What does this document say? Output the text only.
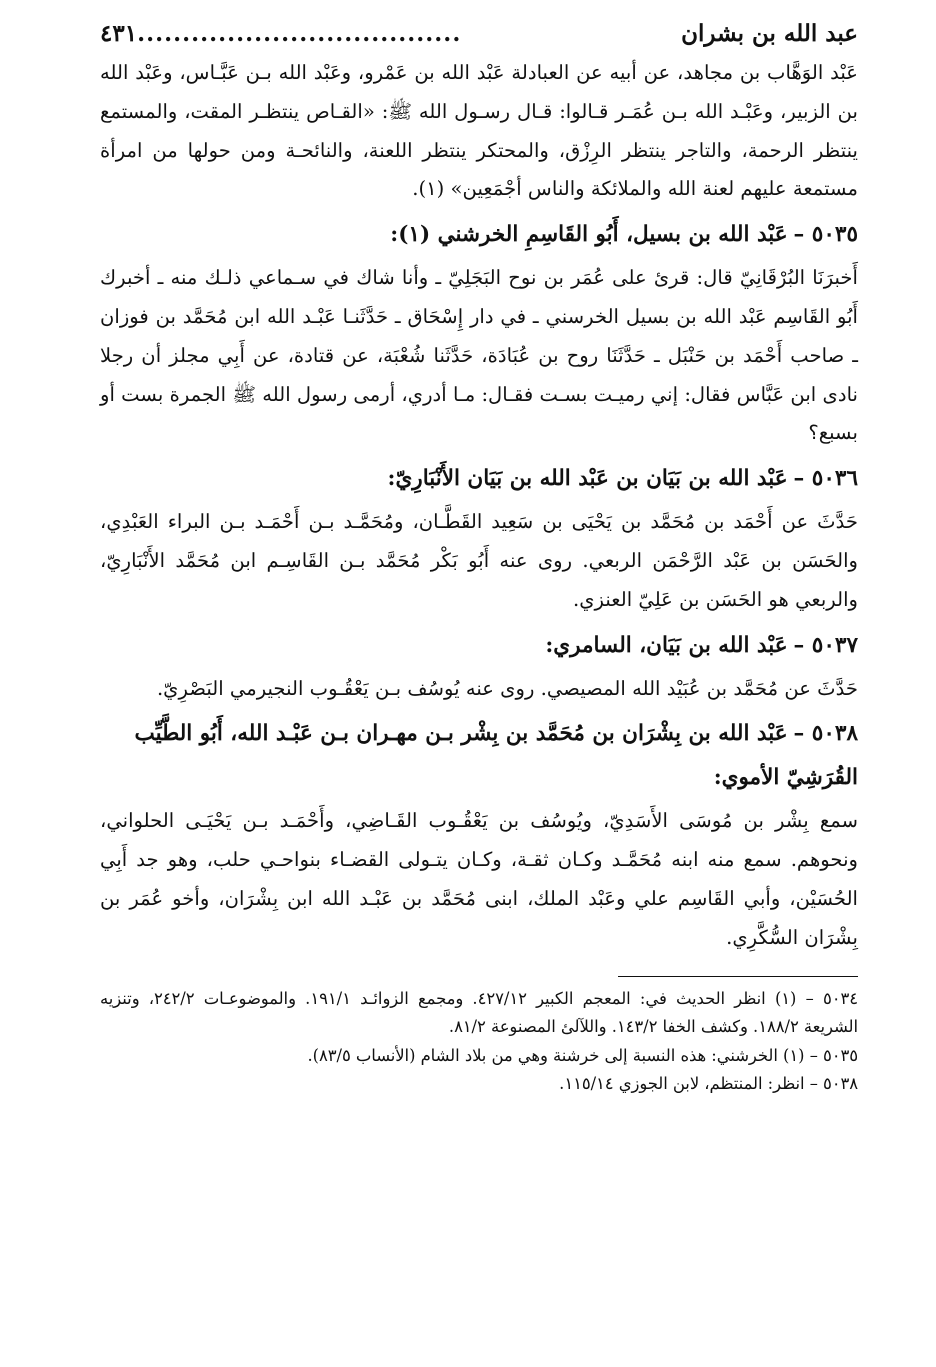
عبد الله بن بشران
....................................
٤٣١

عَبْد الوَهَّاب بن مجاهد، عن أبيه عن العبادلة عَبْد الله بن عَمْرو، وعَبْد الله بـن عَبَّـاس، وعَبْد الله بن الزبير، وعَبْـد الله بـن عُمَـر قـالوا: قـال رسـول الله ﷺ: «القـاص ينتظـر المقت، والمستمع ينتظر الرحمة، والتاجر ينتظر الرِزْق، والمحتكر ينتظر اللعنة، والنائحـة ومن حولها من امرأة مستمعة عليهم لعنة الله والملائكة والناس أجْمَعِين» (١).

٥٠٣٥ –عَبْد الله بن بسيل، أَبُو القَاسِمِ الخرشني (١):

أَخبرَنَا البُرْقَانِيّ قال: قرئ على عُمَر بن نوح البَجَلِيّ ـ وأنا شاك في سـماعي ذلـك منه ـ أخبرك أَبُو القَاسِم عَبْد الله بن بسيل الخرسني ـ في دار إِسْحَاق ـ حَدَّثَنـا عَبْـد الله ابن مُحَمَّد بن فوزان ـ صاحب أَحْمَد بن حَنْبَل ـ حَدَّثَنَا روح بن عُبَادَة، حَدَّثَنا شُعْبَة، عن قتادة، عن أَبِي مجلز أن رجلا نادى ابن عَبَّاس فقال: إني رميـت بسـت فقـال: مـا أدري، أرمى رسول الله ﷺ الجمرة بست أو بسبع؟

٥٠٣٦ –عَبْد الله بن بَيَان بن عَبْد الله بن بَيَان الأَنْبَارِيّ:

حَدَّثَ عن أَحْمَد بن مُحَمَّد بن يَحْيَى بن سَعِيد القَطَّـان، ومُحَمَّـد بـن أَحْمَـد بـن البراء العَبْدِي، والحَسَن بن عَبْد الرَّحْمَن الربعي. روى عنه أَبُو بَكْر مُحَمَّد بـن القَاسِـم ابن مُحَمَّد الأَنْبَارِيّ، والربعي هو الحَسَن بن عَلِيّ العنزي.

٥٠٣٧ –عَبْد الله بن بَيَان، السامري:

حَدَّثَ عن مُحَمَّد بن عُبَيْد الله المصيصي. روى عنه يُوسُف بـن يَعْقُـوب النجيرمي البَصْرِيّ.

٥٠٣٨ –عَبْد الله بن بِشْرَان بن مُحَمَّد بن بِشْر بـن مهـران بـن عَبْـد الله، أَبُو الطَّيِّب القُرَشِيّ الأموي:

سمع بِشْر بن مُوسَى الأَسَدِيّ، ويُوسُف بن يَعْقُـوب القَـاضِي، وأَحْمَـد بـن يَحْيَـى الحلواني، ونحوهم. سمع منه ابنه مُحَمَّـد وكـان ثقـة، وكـان يتـولى القضـاء بنواحـي حلب، وهو جد أَبِي الحُسَيْن، وأبي القَاسِم علي وعَبْد الملك، ابنى مُحَمَّد بن عَبْـد الله ابن بِشْرَان، وأخو عُمَر بن بِشْرَان السُّكَّرِي.

٥٠٣٤ – (١) انظر الحديث في: المعجم الكبير ٤٢٧/١٢. ومجمع الزوائـد ١٩١/١. والموضوعـات ٢٤٢/٢، وتنزيه الشريعة ١٨٨/٢. وكشف الخفا ١٤٣/٢. واللآلئ المصنوعة ٨١/٢.

٥٠٣٥ – (١) الخرشني: هذه النسبة إلى خرشنة وهي من بلاد الشام (الأنساب ٨٣/٥).

٥٠٣٨ – انظر: المنتظم، لابن الجوزي ١١٥/١٤.
